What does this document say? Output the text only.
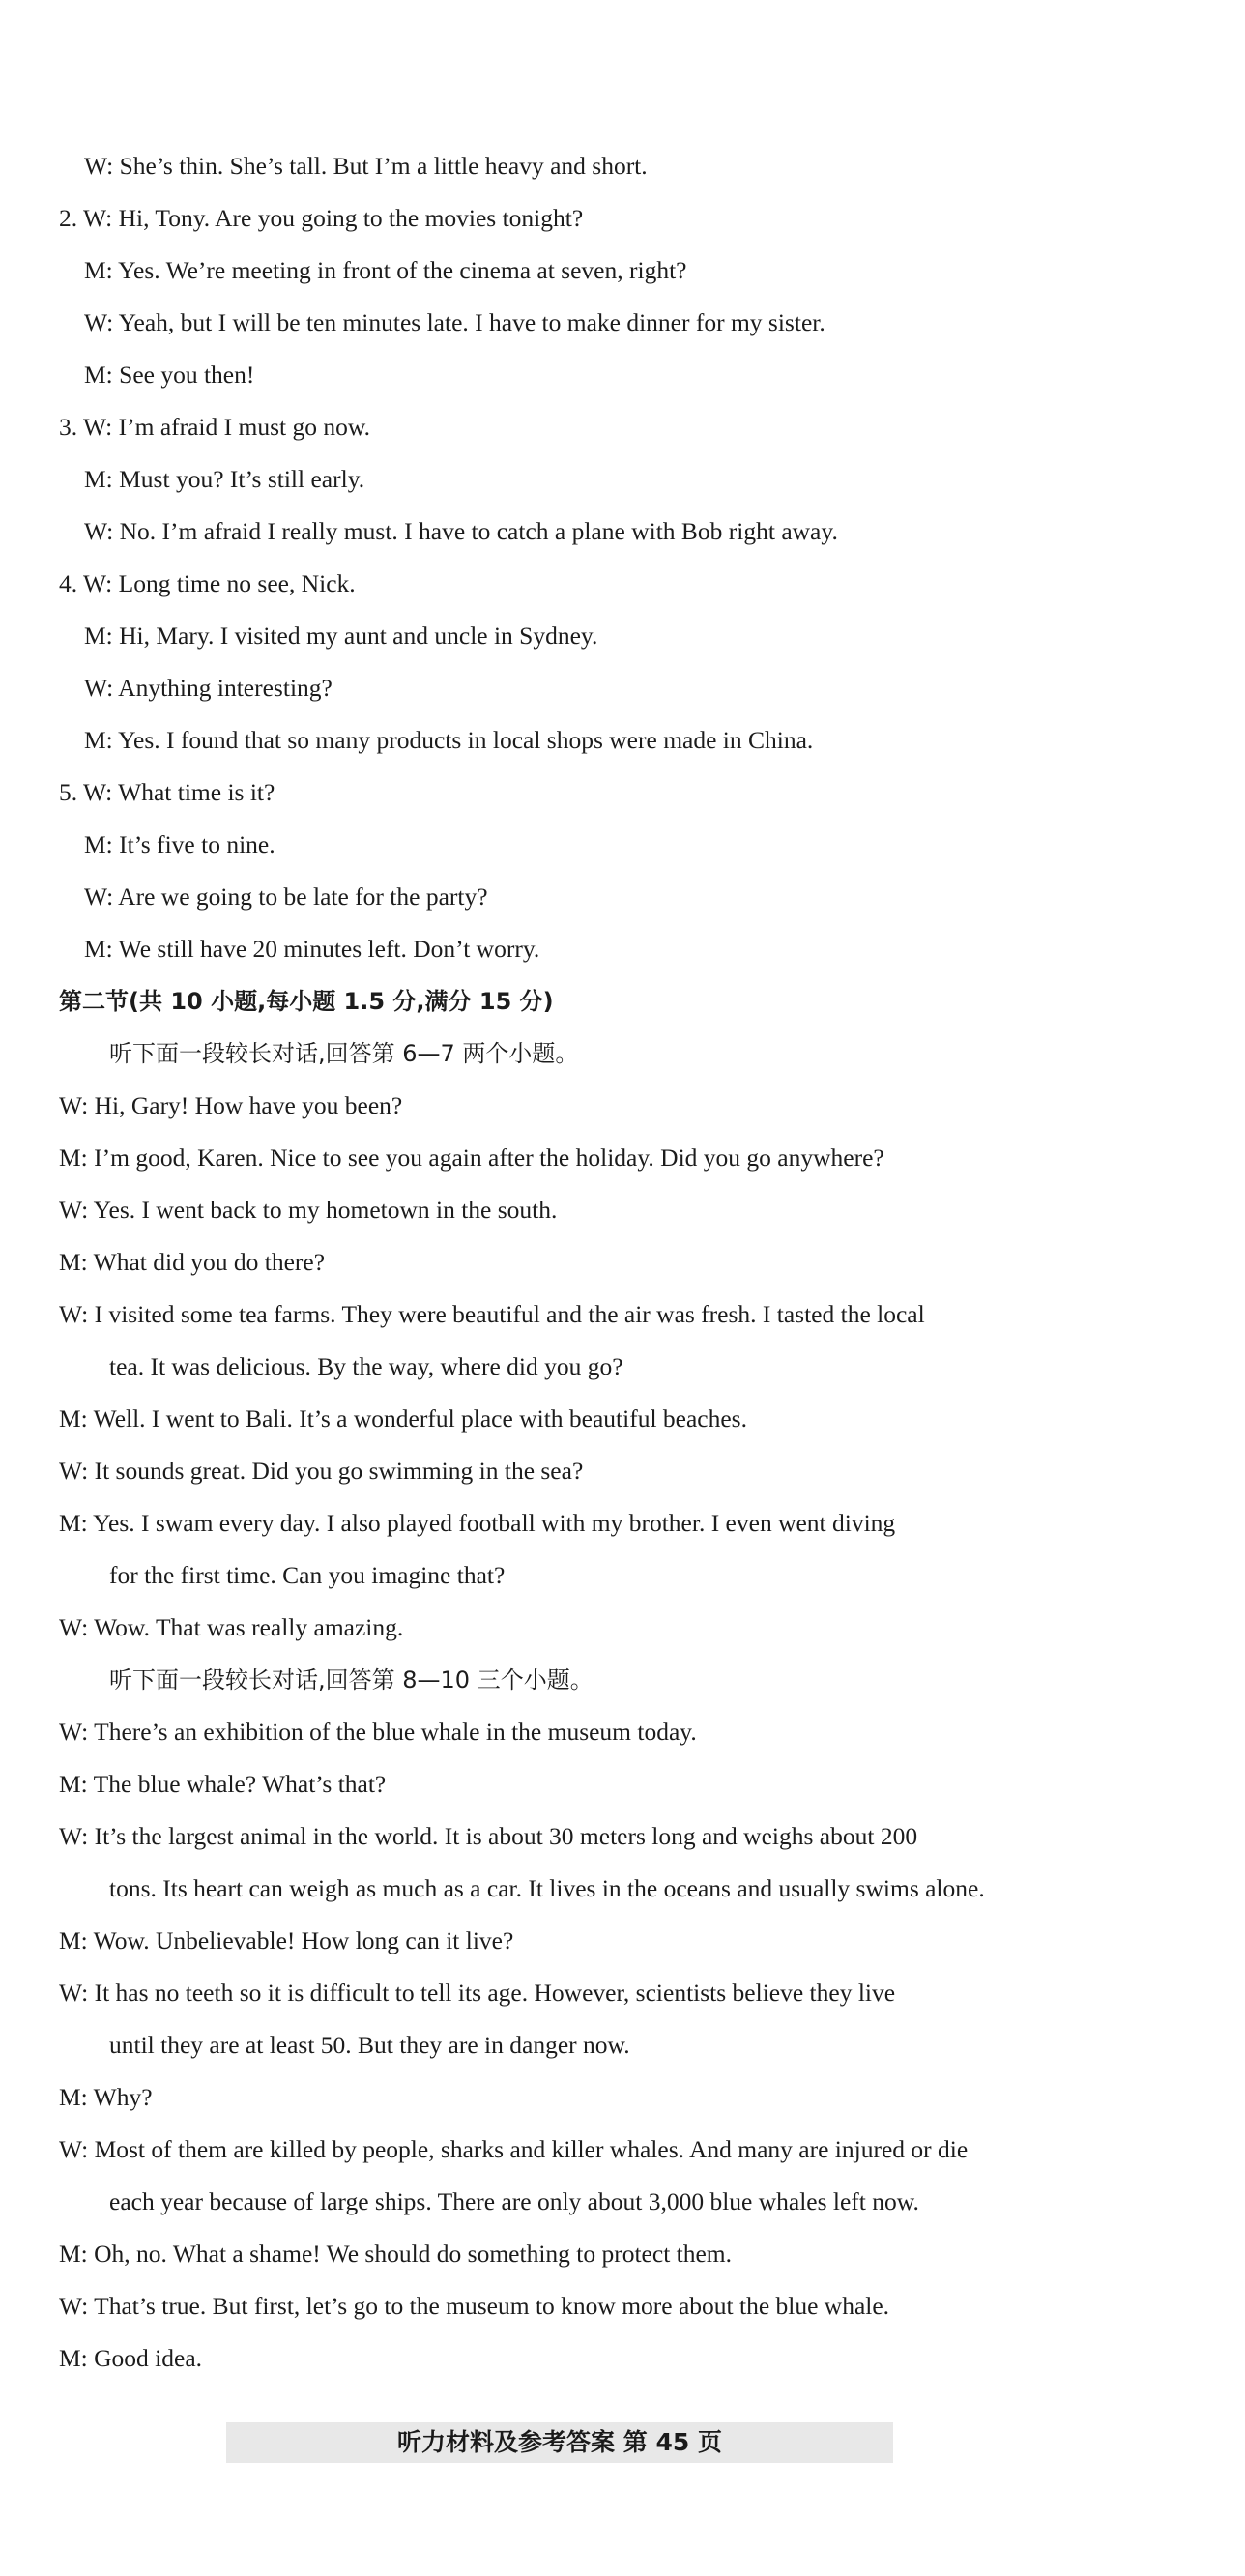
W: She’s thin. She’s tall. But I’m a little heavy and short.
2. W: Hi, Tony. Are you going to the movies tonight?
M: Yes. We’re meeting in front of the cinema at seven, right?
W: Yeah, but I will be ten minutes late. I have to make dinner for my sister.
M: See you then!
3. W: I’m afraid I must go now.
M: Must you? It’s still early.
W: No. I’m afraid I really must. I have to catch a plane with Bob right away.
4. W: Long time no see, Nick.
M: Hi, Mary. I visited my aunt and uncle in Sydney.
W: Anything interesting?
M: Yes. I found that so many products in local shops were made in China.
5. W: What time is it?
M: It’s five to nine.
W: Are we going to be late for the party?
M: We still have 20 minutes left. Don’t worry.
第二节(共 10 小题,每小题 1.5 分,满分 15 分)
听下面一段较长对话,回答第 6—7 两个小题。
W: Hi, Gary! How have you been?
M: I’m good, Karen. Nice to see you again after the holiday. Did you go anywhere?
W: Yes. I went back to my hometown in the south.
M: What did you do there?
W: I visited some tea farms. They were beautiful and the air was fresh. I tasted the local
tea. It was delicious. By the way, where did you go?
M: Well. I went to Bali. It’s a wonderful place with beautiful beaches.
W: It sounds great. Did you go swimming in the sea?
M: Yes. I swam every day. I also played football with my brother. I even went diving
for the first time. Can you imagine that?
W: Wow. That was really amazing.
听下面一段较长对话,回答第 8—10 三个小题。
W: There’s an exhibition of the blue whale in the museum today.
M: The blue whale? What’s that?
W: It’s the largest animal in the world. It is about 30 meters long and weighs about 200
tons. Its heart can weigh as much as a car. It lives in the oceans and usually swims alone.
M: Wow. Unbelievable! How long can it live?
W: It has no teeth so it is difficult to tell its age. However, scientists believe they live
until they are at least 50. But they are in danger now.
M: Why?
W: Most of them are killed by people, sharks and killer whales. And many are injured or die
each year because of large ships. There are only about 3,000 blue whales left now.
M: Oh, no. What a shame! We should do something to protect them.
W: That’s true. But first, let’s go to the museum to know more about the blue whale.
M: Good idea.
听力材料及参考答案 第 45 页
